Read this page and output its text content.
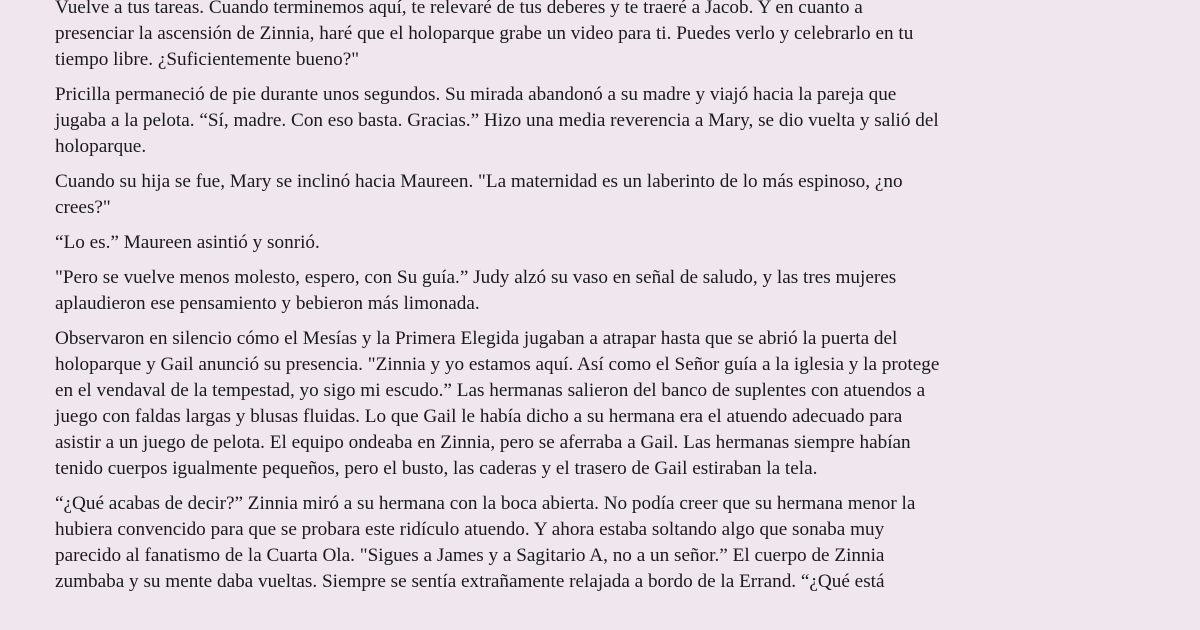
Vuelve a tus tareas. Cuando terminemos aquí, te relevaré de tus deberes y te traeré a Jacob. Y en cuanto a
presenciar la ascensión de Zinnia, haré que el holoparque grabe un video para ti. Puedes verlo y celebrarlo en tu
tiempo libre. ¿Suficientemente bueno?"

Pricilla permaneció de pie durante unos segundos. Su mirada abandonó a su madre y viajó hacia la pareja que
jugaba a la pelota. “Sí, madre. Con eso basta. Gracias.” Hizo una media reverencia a Mary, se dio vuelta y salió del
holoparque.

Cuando su hija se fue, Mary se inclinó hacia Maureen. "La maternidad es un laberinto de lo más espinoso, ¿no
crees?"

“Lo es.” Maureen asintió y sonrió.

"Pero se vuelve menos molesto, espero, con Su guía.” Judy alzó su vaso en señal de saludo, y las tres mujeres
aplaudieron ese pensamiento y bebieron más limonada.

Observaron en silencio cómo el Mesías y la Primera Elegida jugaban a atrapar hasta que se abrió la puerta del
holoparque y Gail anunció su presencia. "Zinnia y yo estamos aquí. Así como el Señor guía a la iglesia y la protege
en el vendaval de la tempestad, yo sigo mi escudo.” Las hermanas salieron del banco de suplentes con atuendos a
juego con faldas largas y blusas fluidas. Lo que Gail le había dicho a su hermana era el atuendo adecuado para
asistir a un juego de pelota. El equipo ondeaba en Zinnia, pero se aferraba a Gail. Las hermanas siempre habían
tenido cuerpos igualmente pequeños, pero el busto, las caderas y el trasero de Gail estiraban la tela.

“¿Qué acabas de decir?” Zinnia miró a su hermana con la boca abierta. No podía creer que su hermana menor la
hubiera convencido para que se probara este ridículo atuendo. Y ahora estaba soltando algo que sonaba muy
parecido al fanatismo de la Cuarta Ola. "Sigues a James y a Sagitario A, no a un señor.” El cuerpo de Zinnia
zumbaba y su mente daba vueltas. Siempre se sentía extrañamente relajada a bordo de la Errand. “¿Qué está
